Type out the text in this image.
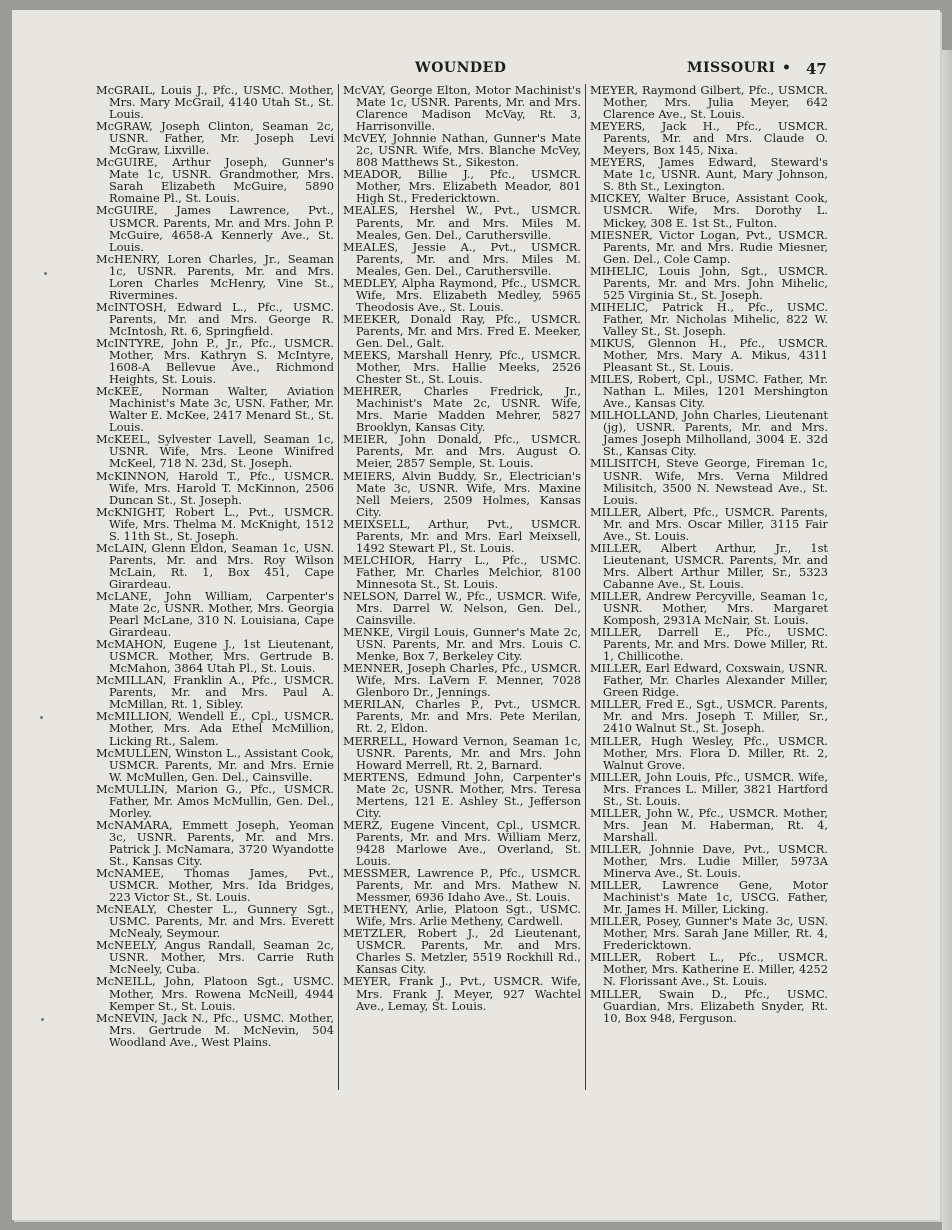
WOUNDED	MISSOURI • 47

McGRAIL, Louis J., Pfc., USMC. Mother, Mrs. Mary McGrail, 4140 Utah St., St. Louis.

McGRAW, Joseph Clinton, Seaman 2c, USNR. Father, Mr. Joseph Levi McGraw, Lixville.

McGUIRE, Arthur Joseph, Gunner's Mate 1c, USNR. Grandmother, Mrs. Sarah Elizabeth McGuire, 5890 Romaine Pl., St. Louis.

McGUIRE, James Lawrence, Pvt., USMCR. Parents, Mr. and Mrs. John P. McGuire, 4658-A Kennerly Ave., St. Louis.

McHENRY, Loren Charles, Jr., Seaman 1c, USNR. Parents, Mr. and Mrs. Loren Charles McHenry, Vine St., Rivermines.

McINTOSH, Edward L., Pfc., USMC. Parents, Mr. and Mrs. George R. McIntosh, Rt. 6, Springfield.

McINTYRE, John P., Jr., Pfc., USMCR. Mother, Mrs. Kathryn S. McIntyre, 1608-A Bellevue Ave., Richmond Heights, St. Louis.

McKEE, Norman Walter, Aviation Machinist's Mate 3c, USN. Father, Mr. Walter E. McKee, 2417 Menard St., St. Louis.

McKEEL, Sylvester Lavell, Seaman 1c, USNR. Wife, Mrs. Leone Winifred McKeel, 718 N. 23d, St. Joseph.

McKINNON, Harold T., Pfc., USMCR. Wife, Mrs. Harold T. McKinnon, 2506 Duncan St., St. Joseph.

McKNIGHT, Robert L., Pvt., USMCR. Wife, Mrs. Thelma M. McKnight, 1512 S. 11th St., St. Joseph.

McLAIN, Glenn Eldon, Seaman 1c, USN. Parents, Mr. and Mrs. Roy Wilson McLain, Rt. 1, Box 451, Cape Girardeau.

McLANE, John William, Carpenter's Mate 2c, USNR. Mother, Mrs. Georgia Pearl McLane, 310 N. Louisiana, Cape Girardeau.

McMAHON, Eugene J., 1st Lieutenant, USMCR. Mother, Mrs. Gertrude B. McMahon, 3864 Utah Pl., St. Louis.

McMILLAN, Franklin A., Pfc., USMCR. Parents, Mr. and Mrs. Paul A. McMillan, Rt. 1, Sibley.

McMILLION, Wendell E., Cpl., USMCR. Mother, Mrs. Ada Ethel McMillion, Licking Rt., Salem.

McMULLEN, Winston L., Assistant Cook, USMCR. Parents, Mr. and Mrs. Ernie W. McMullen, Gen. Del., Cainsville.

McMULLIN, Marion G., Pfc., USMCR. Father, Mr. Amos McMullin, Gen. Del., Morley.

McNAMARA, Emmett Joseph, Yeoman 3c, USNR. Parents, Mr. and Mrs. Patrick J. McNamara, 3720 Wyandotte St., Kansas City.

McNAMEE, Thomas James, Pvt., USMCR. Mother, Mrs. Ida Bridges, 223 Victor St., St. Louis.

McNEALY, Chester L., Gunnery Sgt., USMC. Parents, Mr. and Mrs. Everett McNealy, Seymour.

McNEELY, Angus Randall, Seaman 2c, USNR. Mother, Mrs. Carrie Ruth McNeely, Cuba.

McNEILL, John, Platoon Sgt., USMC. Mother, Mrs. Rowena McNeill, 4944 Kemper St., St. Louis.

McNEVIN, Jack N., Pfc., USMC. Mother, Mrs. Gertrude M. McNevin, 504 Woodland Ave., West Plains.

McVAY, George Elton, Motor Machinist's Mate 1c, USNR. Parents, Mr. and Mrs. Clarence Madison McVay, Rt. 3, Harrisonville.

McVEY, Johnnie Nathan, Gunner's Mate 2c, USNR. Wife, Mrs. Blanche McVey, 808 Matthews St., Sikeston.

MEADOR, Billie J., Pfc., USMCR. Mother, Mrs. Elizabeth Meador, 801 High St., Fredericktown.

MEALES, Hershel W., Pvt., USMCR. Parents, Mr. and Mrs. Miles M. Meales, Gen. Del., Caruthersville.

MEALES, Jessie A., Pvt., USMCR. Parents, Mr. and Mrs. Miles M. Meales, Gen. Del., Caruthersville.

MEDLEY, Alpha Raymond, Pfc., USMCR. Wife, Mrs. Elizabeth Medley, 5965 Theodosis Ave., St. Louis.

MEEKER, Donald Ray, Pfc., USMCR. Parents, Mr. and Mrs. Fred E. Meeker, Gen. Del., Galt.

MEEKS, Marshall Henry, Pfc., USMCR. Mother, Mrs. Hallie Meeks, 2526 Chester St., St. Louis.

MEHRER, Charles Fredrick, Jr., Machinist's Mate 2c, USNR. Wife, Mrs. Marie Madden Mehrer, 5827 Brooklyn, Kansas City.

MEIER, John Donald, Pfc., USMCR. Parents, Mr. and Mrs. August O. Meier, 2857 Semple, St. Louis.

MEIERS, Alvin Buddy, Sr., Electrician's Mate 3c, USNR. Wife, Mrs. Maxine Nell Meiers, 2509 Holmes, Kansas City.

MEIXSELL, Arthur, Pvt., USMCR. Parents, Mr. and Mrs. Earl Meixsell, 1492 Stewart Pl., St. Louis.

MELCHIOR, Harry L., Pfc., USMC. Father, Mr. Charles Melchior, 8100 Minnesota St., St. Louis.

NELSON, Darrel W., Pfc., USMCR. Wife, Mrs. Darrel W. Nelson, Gen. Del., Cainsville.

MENKE, Virgil Louis, Gunner's Mate 2c, USN. Parents, Mr. and Mrs. Louis C. Menke, Box 7, Berkeley City.

MENNER, Joseph Charles, Pfc., USMCR. Wife, Mrs. LaVern F. Menner, 7028 Glenboro Dr., Jennings.

MERILAN, Charles P., Pvt., USMCR. Parents, Mr. and Mrs. Pete Merilan, Rt. 2, Eldon.

MERRELL, Howard Vernon, Seaman 1c, USNR. Parents, Mr. and Mrs. John Howard Merrell, Rt. 2, Barnard.

MERTENS, Edmund John, Carpenter's Mate 2c, USNR. Mother, Mrs. Teresa Mertens, 121 E. Ashley St., Jefferson City.

MERZ, Eugene Vincent, Cpl., USMCR. Parents, Mr. and Mrs. William Merz, 9428 Marlowe Ave., Overland, St. Louis.

MESSMER, Lawrence P., Pfc., USMCR. Parents, Mr. and Mrs. Mathew N. Messmer, 6936 Idaho Ave., St. Louis.

METHENY, Arlie, Platoon Sgt., USMC. Wife, Mrs. Arlie Metheny, Cardwell.

METZLER, Robert J., 2d Lieutenant, USMCR. Parents, Mr. and Mrs. Charles S. Metzler, 5519 Rockhill Rd., Kansas City.

MEYER, Frank J., Pvt., USMCR. Wife, Mrs. Frank J. Meyer, 927 Wachtel Ave., Lemay, St. Louis.

MEYER, Raymond Gilbert, Pfc., USMCR. Mother, Mrs. Julia Meyer, 642 Clarence Ave., St. Louis.

MEYERS, Jack H., Pfc., USMCR. Parents, Mr. and Mrs. Claude O. Meyers, Box 145, Nixa.

MEYERS, James Edward, Steward's Mate 1c, USNR. Aunt, Mary Johnson, S. 8th St., Lexington.

MICKEY, Walter Bruce, Assistant Cook, USMCR. Wife, Mrs. Dorothy L. Mickey, 308 E. 1st St., Fulton.

MIESNER, Victor Logan, Pvt., USMCR. Parents, Mr. and Mrs. Rudie Miesner, Gen. Del., Cole Camp.

MIHELIC, Louis John, Sgt., USMCR. Parents, Mr. and Mrs. John Mihelic, 525 Virginia St., St. Joseph.

MIHELIC, Patrick H., Pfc., USMC. Father, Mr. Nicholas Mihelic, 822 W. Valley St., St. Joseph.

MIKUS, Glennon H., Pfc., USMCR. Mother, Mrs. Mary A. Mikus, 4311 Pleasant St., St. Louis.

MILES, Robert, Cpl., USMC. Father, Mr. Nathan L. Miles, 1201 Mershington Ave., Kansas City.

MILHOLLAND, John Charles, Lieutenant (jg), USNR. Parents, Mr. and Mrs. James Joseph Milholland, 3004 E. 32d St., Kansas City.

MILISITCH, Steve George, Fireman 1c, USNR. Wife, Mrs. Verna Mildred Milisitch, 3500 N. Newstead Ave., St. Louis.

MILLER, Albert, Pfc., USMCR. Parents, Mr. and Mrs. Oscar Miller, 3115 Fair Ave., St. Louis.

MILLER, Albert Arthur, Jr., 1st Lieutenant, USMCR. Parents, Mr. and Mrs. Albert Arthur Miller, Sr., 5323 Cabanne Ave., St. Louis.

MILLER, Andrew Percyville, Seaman 1c, USNR. Mother, Mrs. Margaret Komposh, 2931A McNair, St. Louis.

MILLER, Darrell E., Pfc., USMC. Parents, Mr. and Mrs. Dowe Miller, Rt. 1, Chillicothe.

MILLER, Earl Edward, Coxswain, USNR. Father, Mr. Charles Alexander Miller, Green Ridge.

MILLER, Fred E., Sgt., USMCR. Parents, Mr. and Mrs. Joseph T. Miller, Sr., 2410 Walnut St., St. Joseph.

MILLER, Hugh Wesley, Pfc., USMCR. Mother, Mrs. Flora D. Miller, Rt. 2, Walnut Grove.

MILLER, John Louis, Pfc., USMCR. Wife, Mrs. Frances L. Miller, 3821 Hartford St., St. Louis.

MILLER, John W., Pfc., USMCR. Mother, Mrs. Jean M. Haberman, Rt. 4, Marshall.

MILLER, Johnnie Dave, Pvt., USMCR. Mother, Mrs. Ludie Miller, 5973A Minerva Ave., St. Louis.

MILLER, Lawrence Gene, Motor Machinist's Mate 1c, USCG. Father, Mr. James H. Miller, Licking.

MILLER, Posey, Gunner's Mate 3c, USN. Mother, Mrs. Sarah Jane Miller, Rt. 4, Fredericktown.

MILLER, Robert L., Pfc., USMCR. Mother, Mrs. Katherine E. Miller, 4252 N. Florissant Ave., St. Louis.

MILLER, Swain D., Pfc., USMC. Guardian, Mrs. Elizabeth Snyder, Rt. 10, Box 948, Ferguson.
